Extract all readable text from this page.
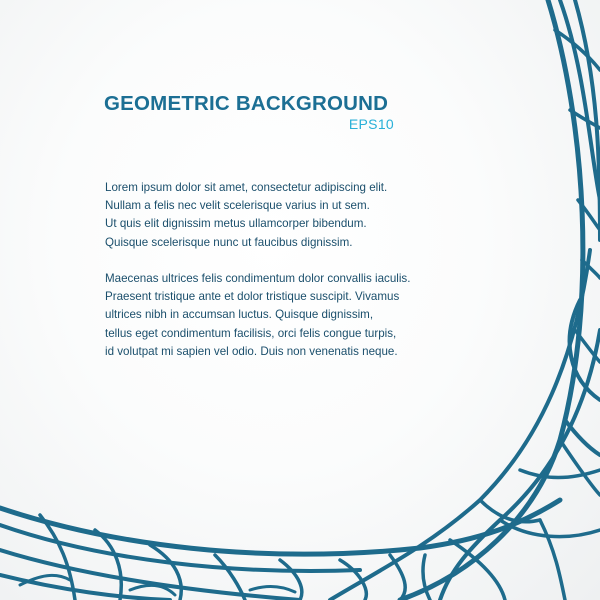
GEOMETRIC BACKGROUND
EPS10

Lorem ipsum dolor sit amet, consectetur adipiscing elit.
Nullam a felis nec velit scelerisque varius in ut sem.
Ut quis elit dignissim metus ullamcorper bibendum.
Quisque scelerisque nunc ut faucibus dignissim.

Maecenas ultrices felis condimentum dolor convallis iaculis.
Praesent tristique ante et dolor tristique suscipit. Vivamus
ultrices nibh in accumsan luctus. Quisque dignissim,
tellus eget condimentum facilisis, orci felis congue turpis,
id volutpat mi sapien vel odio. Duis non venenatis neque.
